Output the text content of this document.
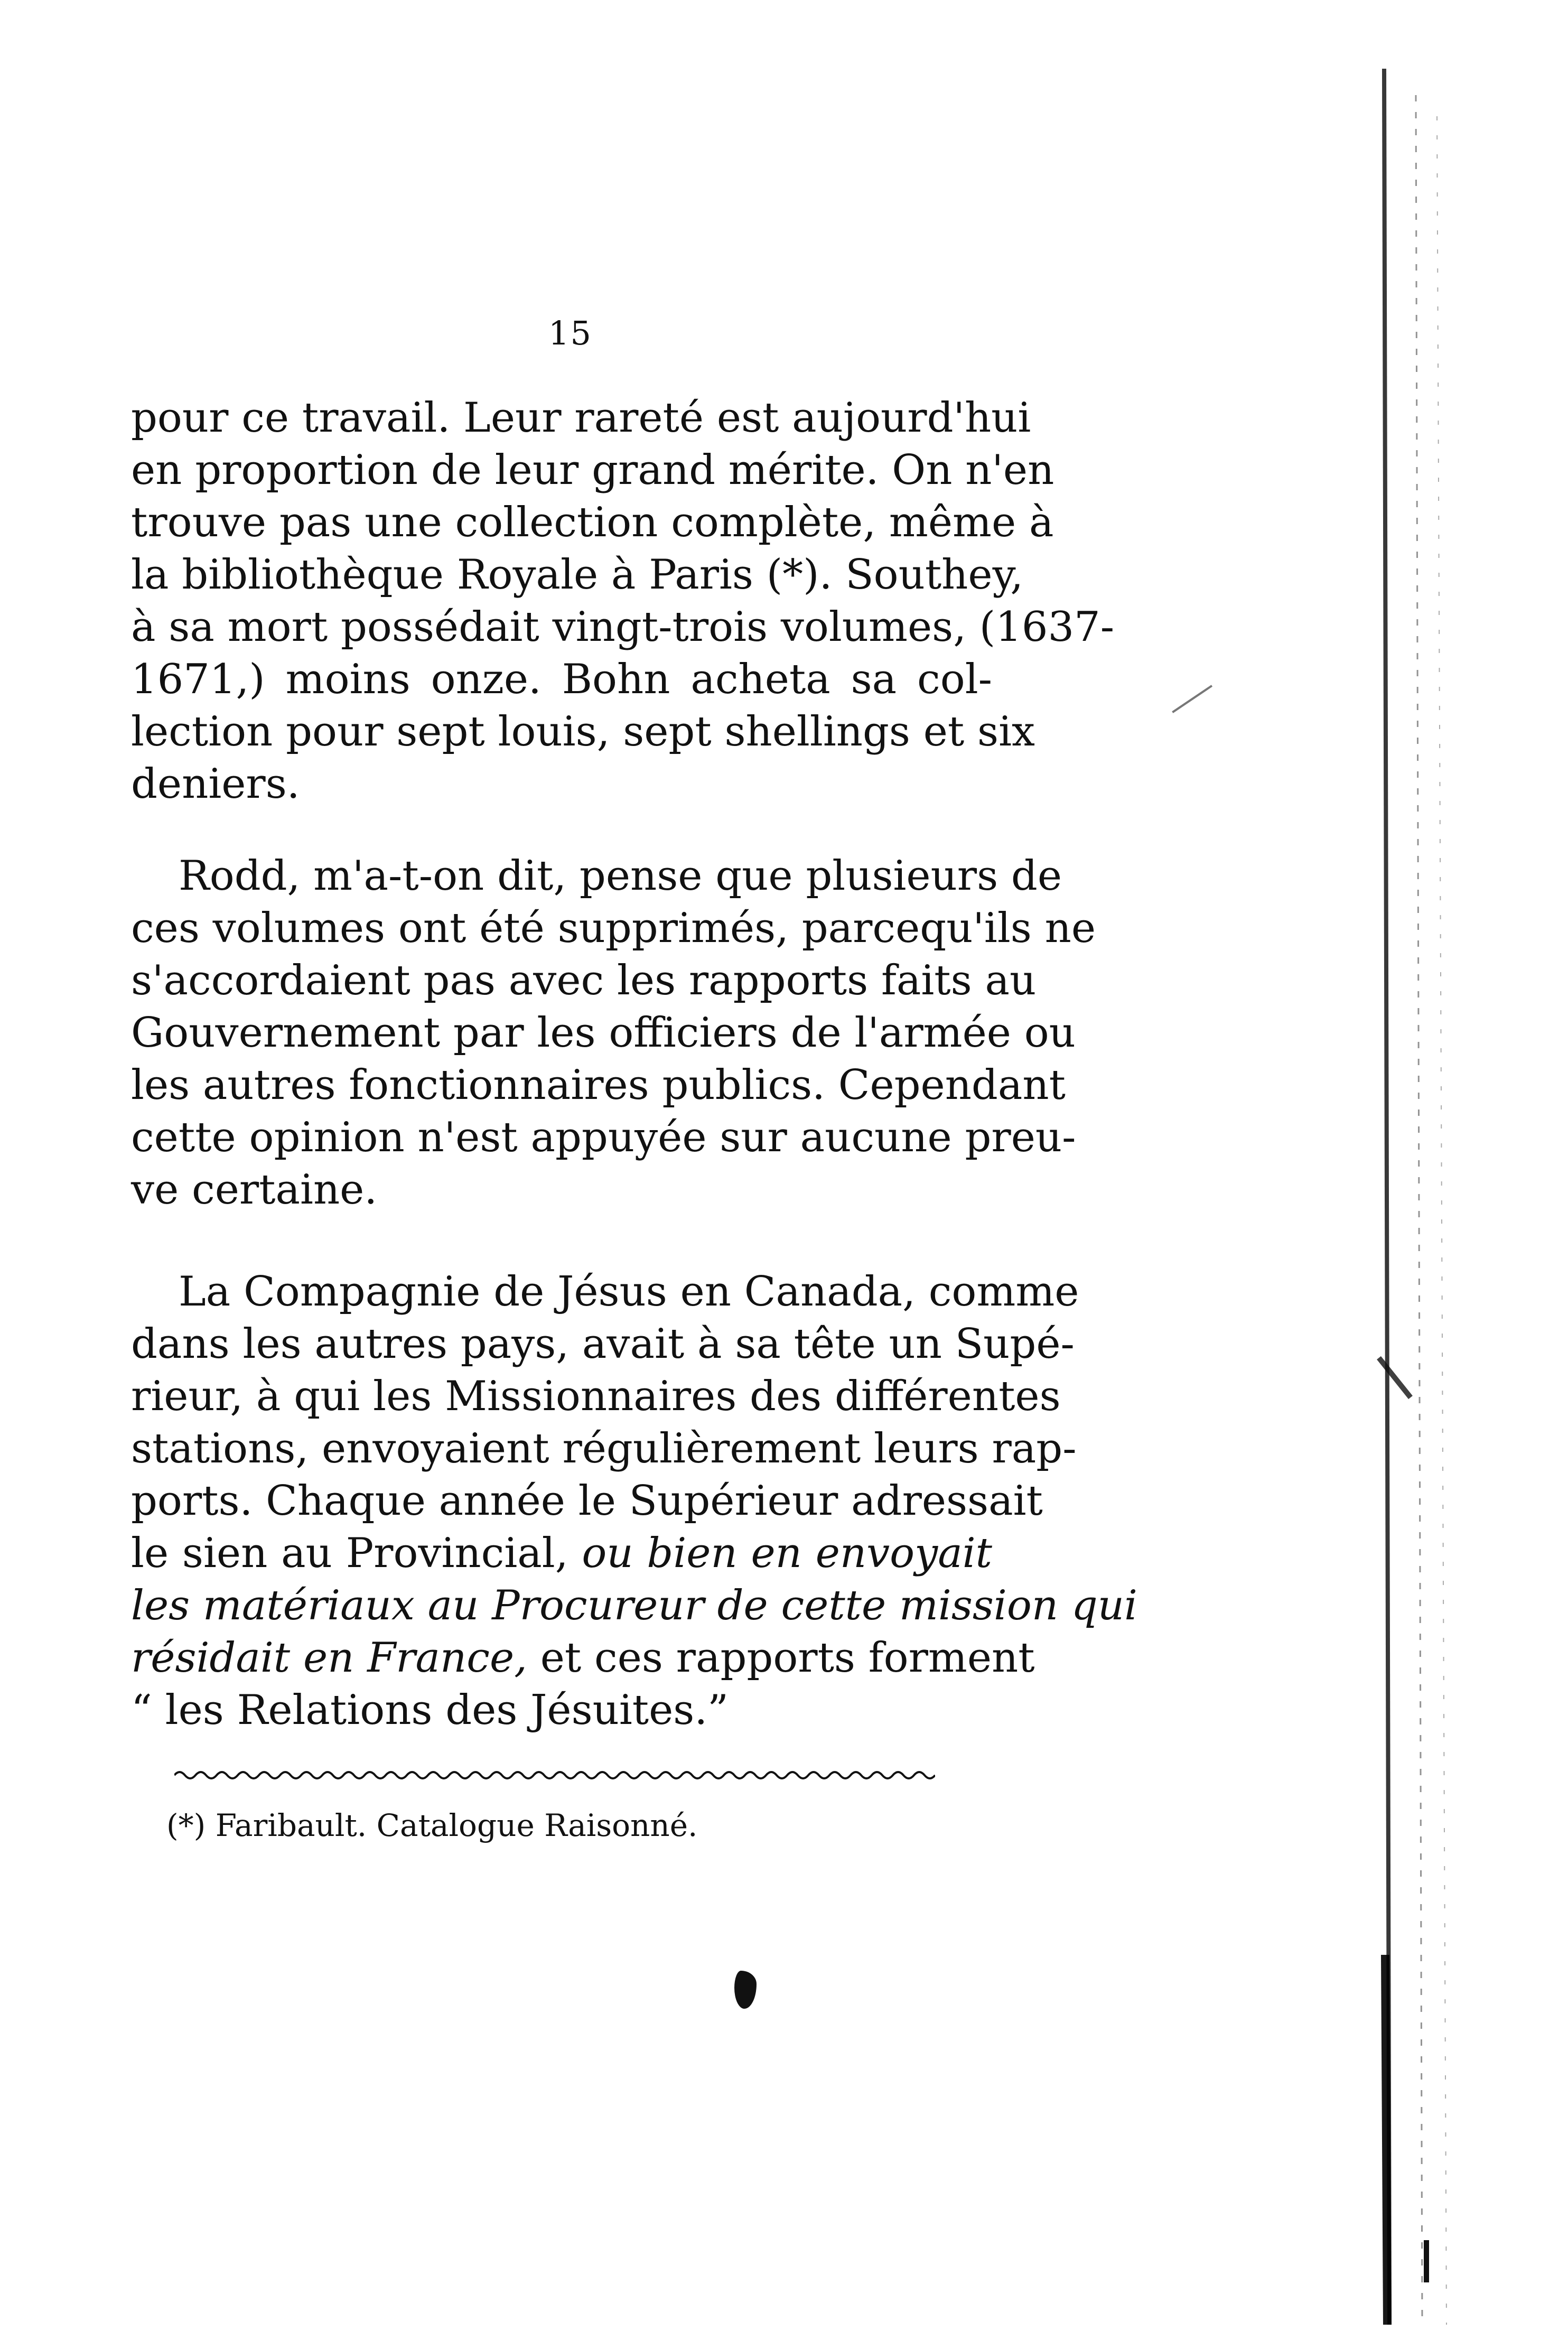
15
pour ce travail. Leur rareté est aujourd'hui
en proportion de leur grand mérite. On n'en
trouve pas une collection complète, même à
la bibliothèque Royale à Paris (*). Southey,
à sa mort possédait vingt-trois volumes, (1637-
1671,) moins onze. Bohn acheta sa col-
lection pour sept louis, sept shellings et six
deniers.
Rodd, m'a-t-on dit, pense que plusieurs de
ces volumes ont été supprimés, parcequ'ils ne
s'accordaient pas avec les rapports faits au
Gouvernement par les officiers de l'armée ou
les autres fonctionnaires publics. Cependant
cette opinion n'est appuyée sur aucune preu-
ve certaine.
La Compagnie de Jésus en Canada, comme
dans les autres pays, avait à sa tête un Supé-
rieur, à qui les Missionnaires des différentes
stations, envoyaient régulièrement leurs rap-
ports. Chaque année le Supérieur adressait
le sien au Provincial, ou bien en envoyait
les matériaux au Procureur de cette mission qui
résidait en France, et ces rapports forment
“ les Relations des Jésuites.”
(*) Faribault. Catalogue Raisonné.
